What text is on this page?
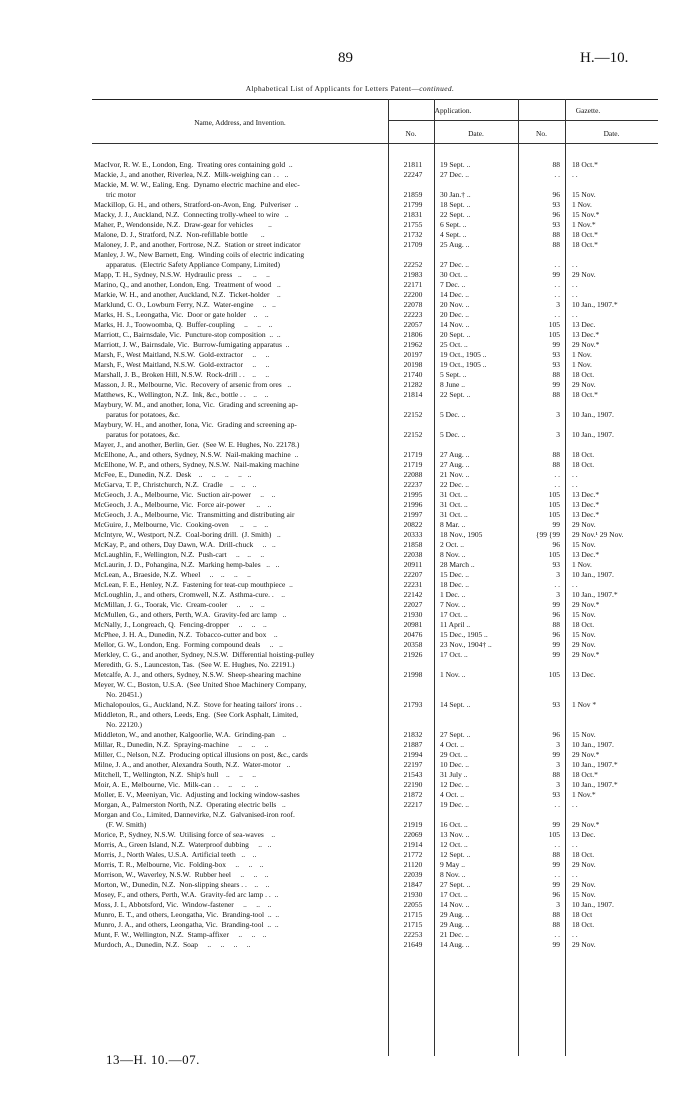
89	H.—10.
Alphabetical List of Applicants for Letters Patent—continued.
Name, Address, and Invention.
Application.	Gazette.
No.	Date.	No.	Date.
MacIvor, R. W. E., London, Eng.  Treating ores containing gold  ..	21811	19 Sept. ..	88 18 Oct.*
Mackie, J., and another, Riverlea, N.Z.  Milk-weighing can . .   ..	22247	27 Dec. ..	. . . .
Mackie, M. W. W., Ealing, Eng.  Dynamo electric machine and elec-
tric motor	21859	30 Jan.† ..	96 15 Nov.
Mackillop, G. H., and others, Stratford-on-Avon, Eng.  Pulveriser  ..	21799	18 Sept. ..	93 1 Nov.
Macky, J. J., Auckland, N.Z.  Connecting trolly-wheel to wire   ..	21831	22 Sept. ..	96 15 Nov.*
Maher, P., Wendonside, N.Z.  Draw-gear for vehicles        ..	21755	6 Sept. ..	93 1 Nov.*
Malone, D. J., Stratford, N.Z.  Non-refillable bottle       ..	21732	4 Sept. ..	88 18 Oct.*
Maloney, J. P., and another, Fortrose, N.Z.  Station or street indicator	21709	25 Aug. ..	88 18 Oct.*
Manley, J. W., New Barnett, Eng.  Winding coils of electric indicating
apparatus.  (Electric Safety Appliance Company, Limited)	22252	27 Dec. ..	. . . .
Mapp, T. H., Sydney, N.S.W.  Hydraulic press   ..      ..     ..	21983	30 Oct. ..	99 29 Nov.
Marino, Q., and another, London, Eng.  Treatment of wood   ..	22171	7 Dec. ..	. . . .
Markie, W. H., and another, Auckland, N.Z.  Ticket-holder    ..	22200	14 Dec. ..	. . . .
Marklund, C. O., Lowburn Ferry, N.Z.  Water-engine     ..   ..	22078	20 Nov. ..	3 10 Jan., 1907.*
Marks, H. S., Leongatha, Vic.  Door or gate holder    ..    ..	22223	20 Dec. ..	. . . .
Marks, H. J., Toowoomba, Q.  Buffer-coupling     ..     ..    ..	22057	14 Nov. ..	105 13 Dec.
Marriott, C., Bairnsdale, Vic.  Puncture-stop composition  ..  ..	21806	20 Sept. ..	105 13 Dec.*
Marriott, J. W., Bairnsdale, Vic.  Burrow-fumigating apparatus  ..	21962	25 Oct. ..	99 29 Nov.*
Marsh, F., West Maitland, N.S.W.  Gold-extractor     ..     ..	20197	19 Oct., 1905 ..	93 1 Nov.
Marsh, F., West Maitland, N.S.W.  Gold-extractor     ..     ..	20198	19 Oct., 1905 ..	93 1 Nov.
Marshall, J. B., Broken Hill, N.S.W.  Rock-drill . .    ..     ..	21740	5 Sept. ..	88 18 Oct.
Masson, J. R., Melbourne, Vic.  Recovery of arsenic from ores   ..	21282	8 June ..	99 29 Nov.
Matthews, K., Wellington, N.Z.  Ink, &c., bottle . .    ..    ..	21814	22 Sept. ..	88 18 Oct.*
Maybury, W. M., and another, Iona, Vic.  Grading and screening ap-
paratus for potatoes, &c.	22152	5 Dec. ..	3 10 Jan., 1907.
Maybury, W. H., and another, Iona, Vic.  Grading and screening ap-
paratus for potatoes, &c.	22152	5 Dec. ..	3 10 Jan., 1907.
Mayer, J., and another, Berlin, Ger.  (See W. E. Hughes, No. 22178.)
McElhone, A., and others, Sydney, N.S.W.  Nail-making machine  ..	21719	27 Aug. ..	88 18 Oct.
McElhone, W. P., and others, Sydney, N.S.W.  Nail-making machine	21719	27 Aug. ..	88 18 Oct.
McFee, E., Dunedin, N.Z.  Desk    ..     ..     ..     ..   ..	22088	21 Nov. ..	. . . .
McGarva, T. P., Christchurch, N.Z.  Cradle    ..    ..    ..	22237	22 Dec. ..	. . . .
McGeoch, J. A., Melbourne, Vic.  Suction air-power     ..    ..	21995	31 Oct. ..	105 13 Dec.*
McGeoch, J. A., Melbourne, Vic.  Force air-power      ..    ..	21996	31 Oct. ..	105 13 Dec.*
McGeoch, J. A., Melbourne, Vic.  Transmitting and distributing air	21997	31 Oct. ..	105 13 Dec.*
McGuire, J., Melbourne, Vic.  Cooking-oven      ..     ..    ..	20822	8 Mar. ..	99 29 Nov.
McIntyre, W., Westport, N.Z.  Coal-boring drill.  (J. Smith)   ..	20333	18 Nov., 1905	{99 {99 29 Nov.¹ 29 Nov.
McKay, P., and others, Day Dawn, W.A.  Drill-chuck     ..   ..	21858	2 Oct. ..	96 15 Nov.
McLaughlin, F., Wellington, N.Z.  Push-cart     ..    ..     ..	22038	8 Nov. ..	105 13 Dec.*
McLaurin, J. D., Pohangina, N.Z.  Marking hemp-bales   ..   ..	20911	28 March ..	93 1 Nov.
McLean, A., Braeside, N.Z.  Wheel     ..    ..     ..     ..	22207	15 Dec. ..	3 10 Jan., 1907.
McLean, F. E., Henley, N.Z.  Fastening for teat-cup mouthpiece  ..	22231	18 Dec. ..	. . . .
McLoughlin, J., and others, Cromwell, N.Z.  Asthma-cure. .    ..	22142	1 Dec. ..	3 10 Jan., 1907.*
McMillan, J. G., Toorak, Vic.  Cream-cooler     ..     ..    ..	22027	7 Nov. ..	99 29 Nov.*
McMullen, G., and others, Perth, W.A.  Gravity-fed arc lamp   ..	21930	17 Oct. ..	96 15 Nov.
McNally, J., Longreach, Q.  Fencing-dropper     ..     ..    ..	20981	11 April ..	88 18 Oct.
McPhee, J. H. A., Dunedin, N.Z.  Tobacco-cutter and box    ..	20476	15 Dec., 1905 ..	96 15 Nov.
Mellor, G. W., London, Eng.  Forming compound deals     ..   ..	20358	23 Nov., 1904† ..	99 29 Nov.
Merkley, C. G., and another, Sydney, N.S.W.  Differential hoisting-pulley	21926	17 Oct. ..	99 29 Nov.*
Meredith, G. S., Launceston, Tas.  (See W. E. Hughes, No. 22191.)
Metcalfe, A. J., and others, Sydney, N.S.W.  Sheep-shearing machine	21998	1 Nov. ..	105 13 Dec.
Meyer, W. C., Boston, U.S.A.  (See United Shoe Machinery Company,
No. 20451.)
Michalopoulos, G., Auckland, N.Z.  Stove for heating tailors' irons . .	21793	14 Sept. ..	93 1 Nov *
Middleton, R., and others, Leeds, Eng.  (See Cork Asphalt, Limited,
No. 22120.)
Middleton, W., and another, Kalgoorlie, W.A.  Grinding-pan    ..	21832	27 Sept. ..	96 15 Nov.
Millar, R., Dunedin, N.Z.  Spraying-machine     ..     ..     ..	21887	4 Oct. ..	3 10 Jan., 1907.
Miller, C., Nelson, N.Z.  Producing optical illusions on post, &c., cards	21994	29 Oct. ..	99 29 Nov.*
Milne, J. A., and another, Alexandra South, N.Z.  Water-motor   ..	22197	10 Dec. ..	3 10 Jan., 1907.*
Mitchell, T., Wellington, N.Z.  Ship's hull    ..     ..     ..	21543	31 July ..	88 18 Oct.*
Moir, A. E., Melbourne, Vic.  Milk-can . .     ..     ..     ..	22190	12 Dec. ..	3 10 Jan., 1907.*
Moller, E. V., Meeniyan, Vic.  Adjusting and locking window-sashes	21872	4 Oct. ..	93 1 Nov.*
Morgan, A., Palmerston North, N.Z.  Operating electric bells   ..	22217	19 Dec. ..	. . . .
Morgan and Co., Limited, Dannevirke, N.Z.  Galvanised-iron roof.
(F. W. Smith)	21919	16 Oct. ..	99 29 Nov.*
Morice, P., Sydney, N.S.W.  Utilising force of sea-waves    ..	22069	13 Nov. ..	105 13 Dec.
Morris, A., Green Island, N.Z.  Waterproof dubbing     ..   ..	21914	12 Oct. ..	. . . .
Morris, J., North Wales, U.S.A.  Artificial teeth   ..    ..	21772	12 Sept. ..	88 18 Oct.
Morris, T. R., Melbourne, Vic.  Folding-box     ..     ..    ..	21120	9 May ..	99 29 Nov.
Morrison, W., Waverley, N.S.W.  Rubber heel     ..     ..    ..	22039	8 Nov. ..	. . . .
Morton, W., Dunedin, N.Z.  Non-slipping shears . .    ..    ..	21847	27 Sept. ..	99 29 Nov.
Mosey, F., and others, Perth, W.A.  Gravity-fed arc lamp . .  ..	21930	17 Oct. ..	96 15 Nov.
Moss, J. I., Abbotsford, Vic.  Window-fastener     ..     ..    ..	22055	14 Nov. ..	3 10 Jan., 1907.
Munro, E. T., and others, Leongatha, Vic.  Branding-tool  ..  ..	21715	29 Aug. ..	88 18 Oct
Munro, J. A., and others, Leongatha, Vic.  Branding-tool  ..  ..	21715	29 Aug. ..	88 18 Oct.
Munt, F. W., Wellington, N.Z.  Stamp-affixer     ..     ..    ..	22253	21 Dec. ..	. . . .
Murdoch, A., Dunedin, N.Z.  Soap     ..     ..     ..     ..	21649	14 Aug. ..	99 29 Nov.
13—H. 10.—07.
